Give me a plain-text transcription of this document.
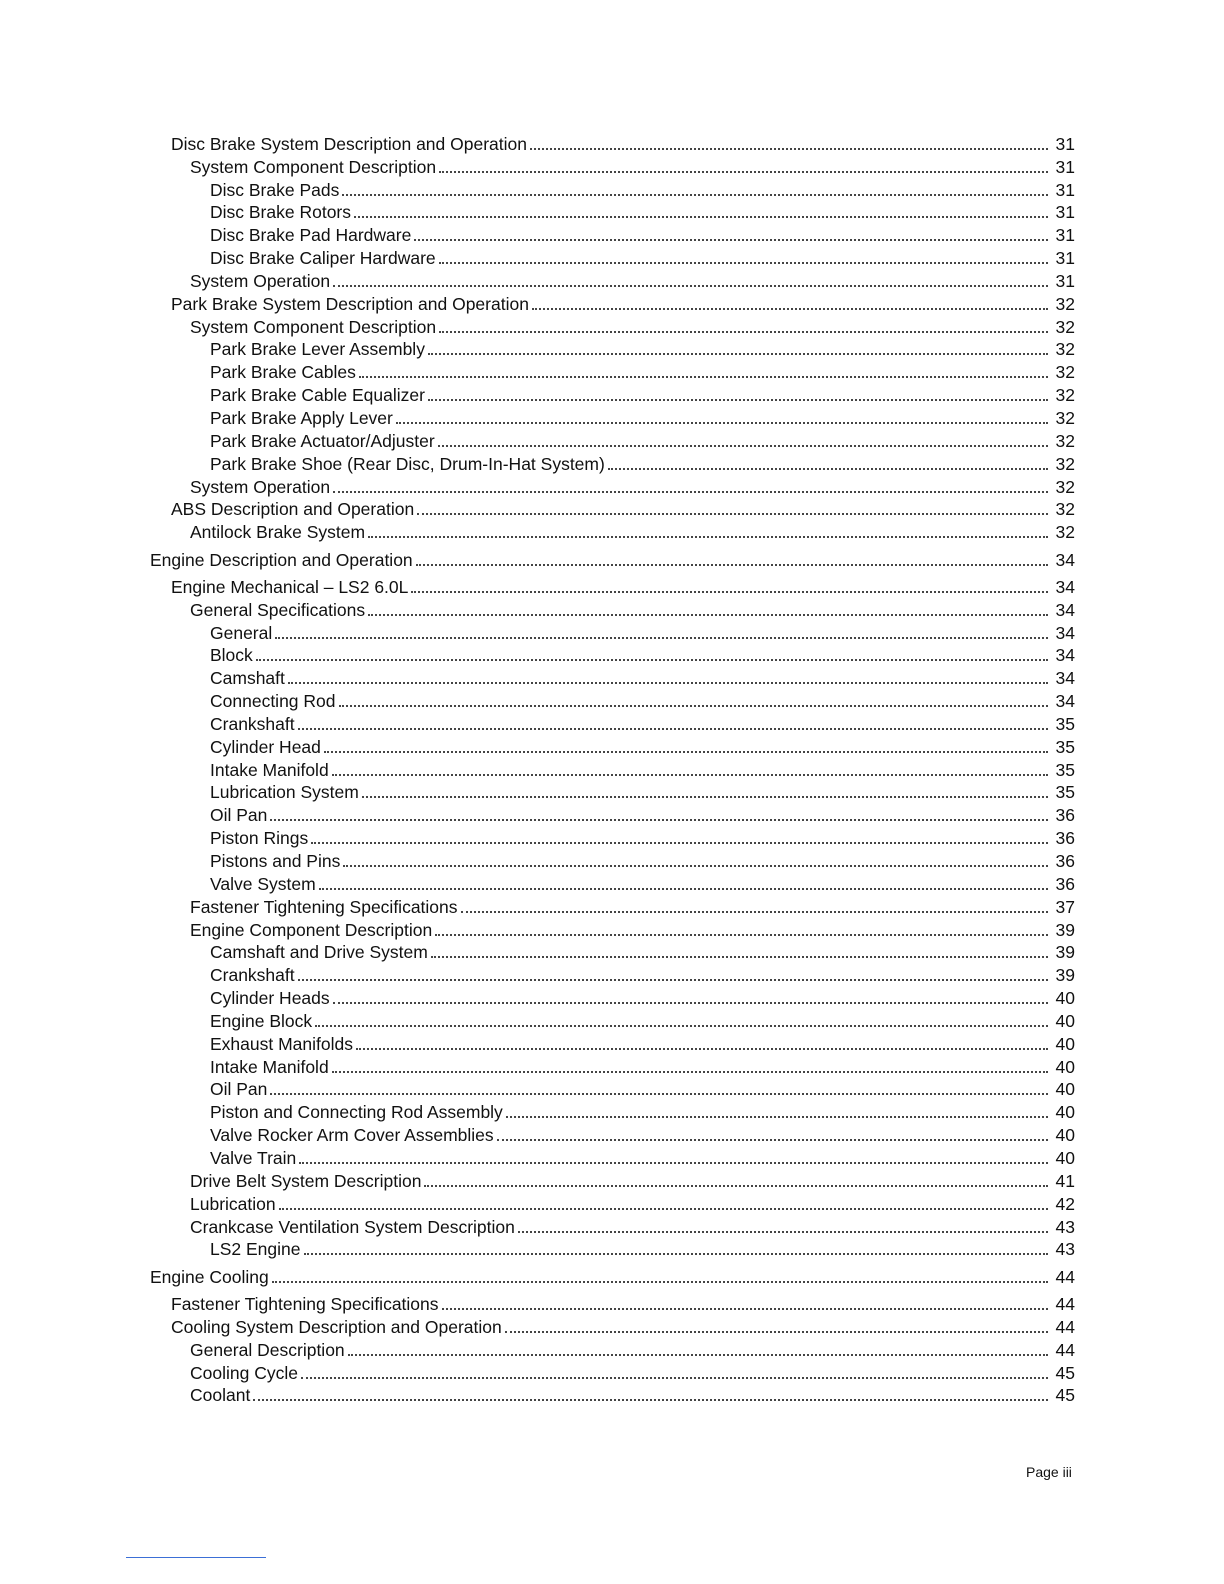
Disc Brake System Description and Operation	31
System Component Description	31
Disc Brake Pads	31
Disc Brake Rotors	31
Disc Brake Pad Hardware	31
Disc Brake Caliper Hardware	31
System Operation	31
Park Brake System Description and Operation	32
System Component Description	32
Park Brake Lever Assembly	32
Park Brake Cables	32
Park Brake Cable Equalizer	32
Park Brake Apply Lever	32
Park Brake Actuator/Adjuster	32
Park Brake Shoe (Rear Disc, Drum-In-Hat System)	32
System Operation	32
ABS Description and Operation	32
Antilock Brake System	32
Engine Description and Operation	34
Engine Mechanical – LS2 6.0L	34
General Specifications	34
General	34
Block	34
Camshaft	34
Connecting Rod	34
Crankshaft	35
Cylinder Head	35
Intake Manifold	35
Lubrication System	35
Oil Pan	36
Piston Rings	36
Pistons and Pins	36
Valve System	36
Fastener Tightening Specifications	37
Engine Component Description	39
Camshaft and Drive System	39
Crankshaft	39
Cylinder Heads	40
Engine Block	40
Exhaust Manifolds	40
Intake Manifold	40
Oil Pan	40
Piston and Connecting Rod Assembly	40
Valve Rocker Arm Cover Assemblies	40
Valve Train	40
Drive Belt System Description	41
Lubrication	42
Crankcase Ventilation System Description	43
LS2 Engine	43
Engine Cooling	44
Fastener Tightening Specifications	44
Cooling System Description and Operation	44
General Description	44
Cooling Cycle	45
Coolant	45
Page iii
